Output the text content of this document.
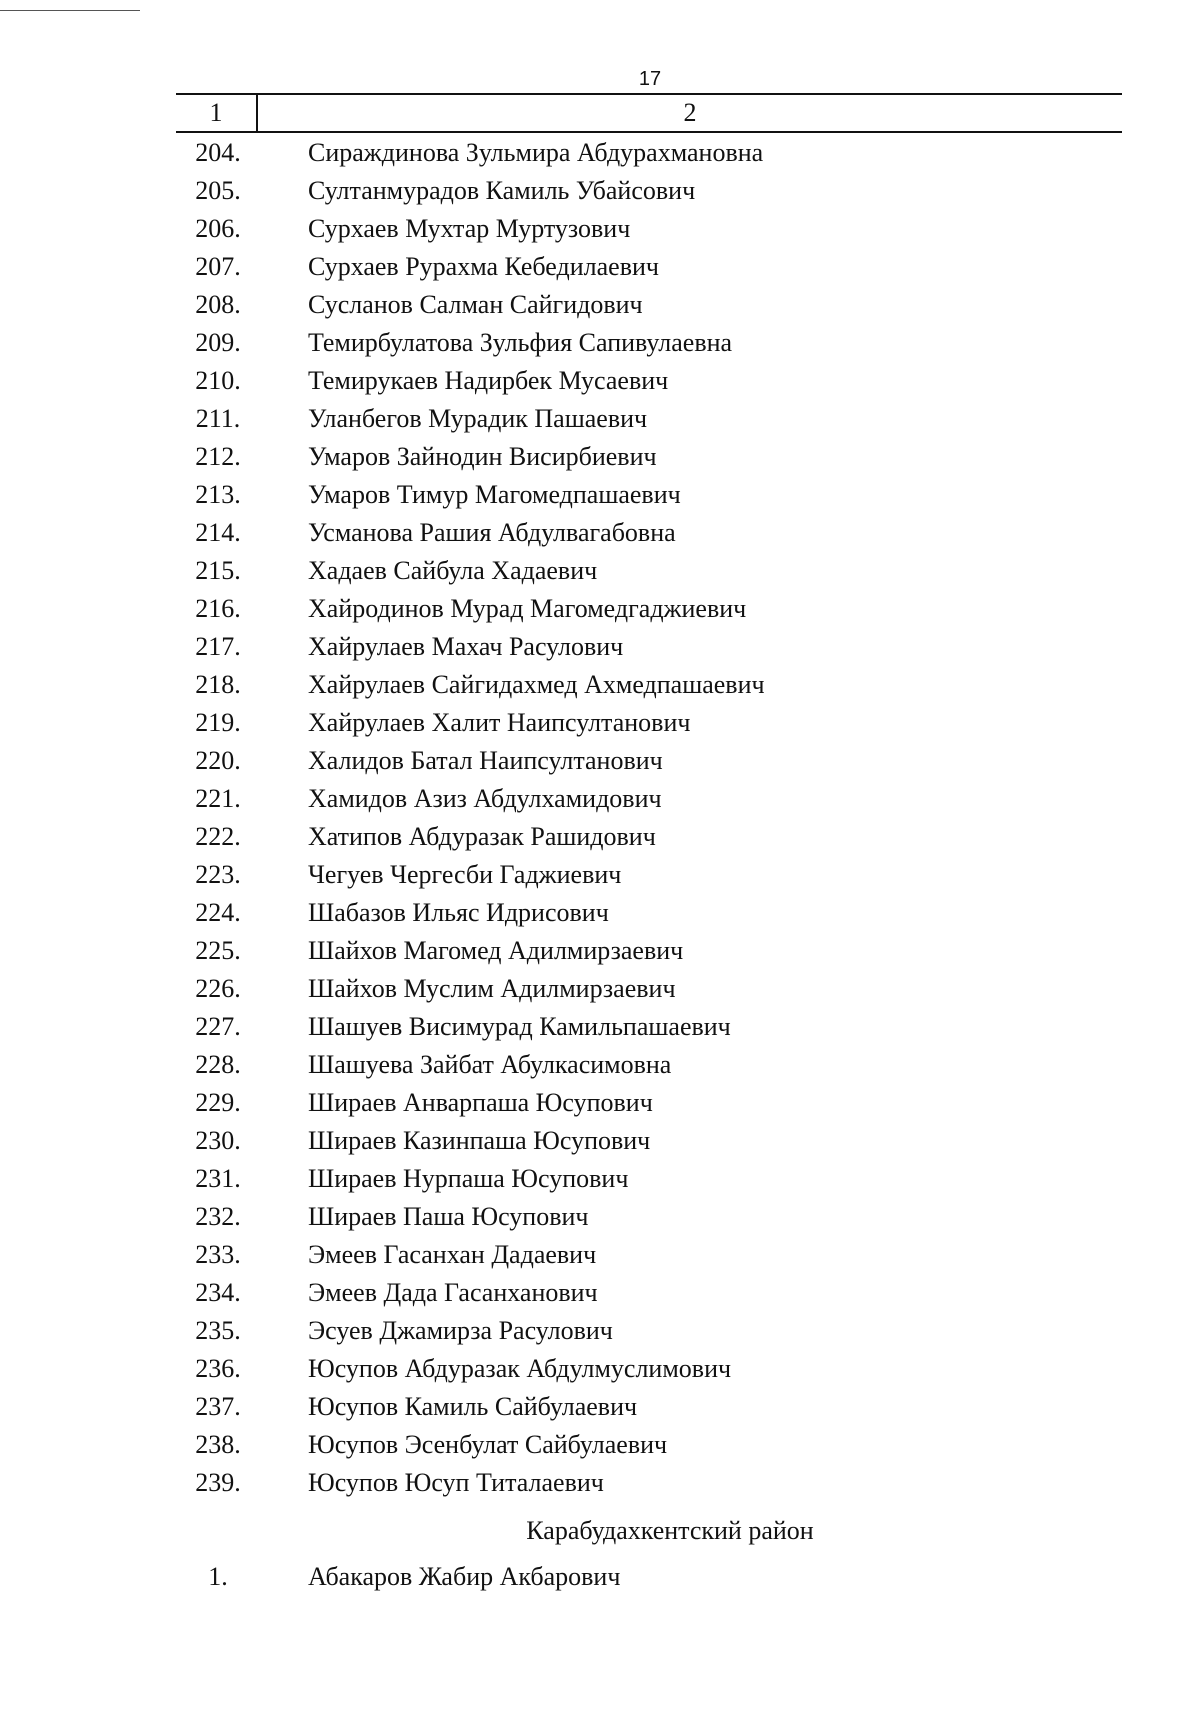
17
1	2
204.	Сираждинова Зульмира Абдурахмановна
205.	Султанмурадов Камиль Убайсович
206.	Сурхаев Мухтар Муртузович
207.	Сурхаев Рурахма Кебедилаевич
208.	Сусланов Салман Сайгидович
209.	Темирбулатова Зульфия Сапивулаевна
210.	Темирукаев Надирбек Мусаевич
211.	Уланбегов Мурадик Пашаевич
212.	Умаров Зайнодин Висирбиевич
213.	Умаров Тимур Магомедпашаевич
214.	Усманова Рашия Абдулвагабовна
215.	Хадаев Сайбула Хадаевич
216.	Хайродинов Мурад Магомедгаджиевич
217.	Хайрулаев Махач Расулович
218.	Хайрулаев Сайгидахмед Ахмедпашаевич
219.	Хайрулаев Халит Наипсултанович
220.	Халидов Батал Наипсултанович
221.	Хамидов Азиз Абдулхамидович
222.	Хатипов Абдуразак Рашидович
223.	Чегуев Чергесби Гаджиевич
224.	Шабазов Ильяс Идрисович
225.	Шайхов Магомед Адилмирзаевич
226.	Шайхов Муслим Адилмирзаевич
227.	Шашуев Висимурад Камильпашаевич
228.	Шашуева Зайбат Абулкасимовна
229.	Шираев Анварпаша Юсупович
230.	Шираев Казинпаша Юсупович
231.	Шираев Нурпаша Юсупович
232.	Шираев Паша Юсупович
233.	Эмеев Гасанхан Дадаевич
234.	Эмеев Дада Гасанханович
235.	Эсуев Джамирза Расулович
236.	Юсупов Абдуразак Абдулмуслимович
237.	Юсупов Камиль Сайбулаевич
238.	Юсупов Эсенбулат Сайбулаевич
239.	Юсупов Юсуп Титалаевич
Карабудахкентский район
1.	Абакаров Жабир Акбарович
